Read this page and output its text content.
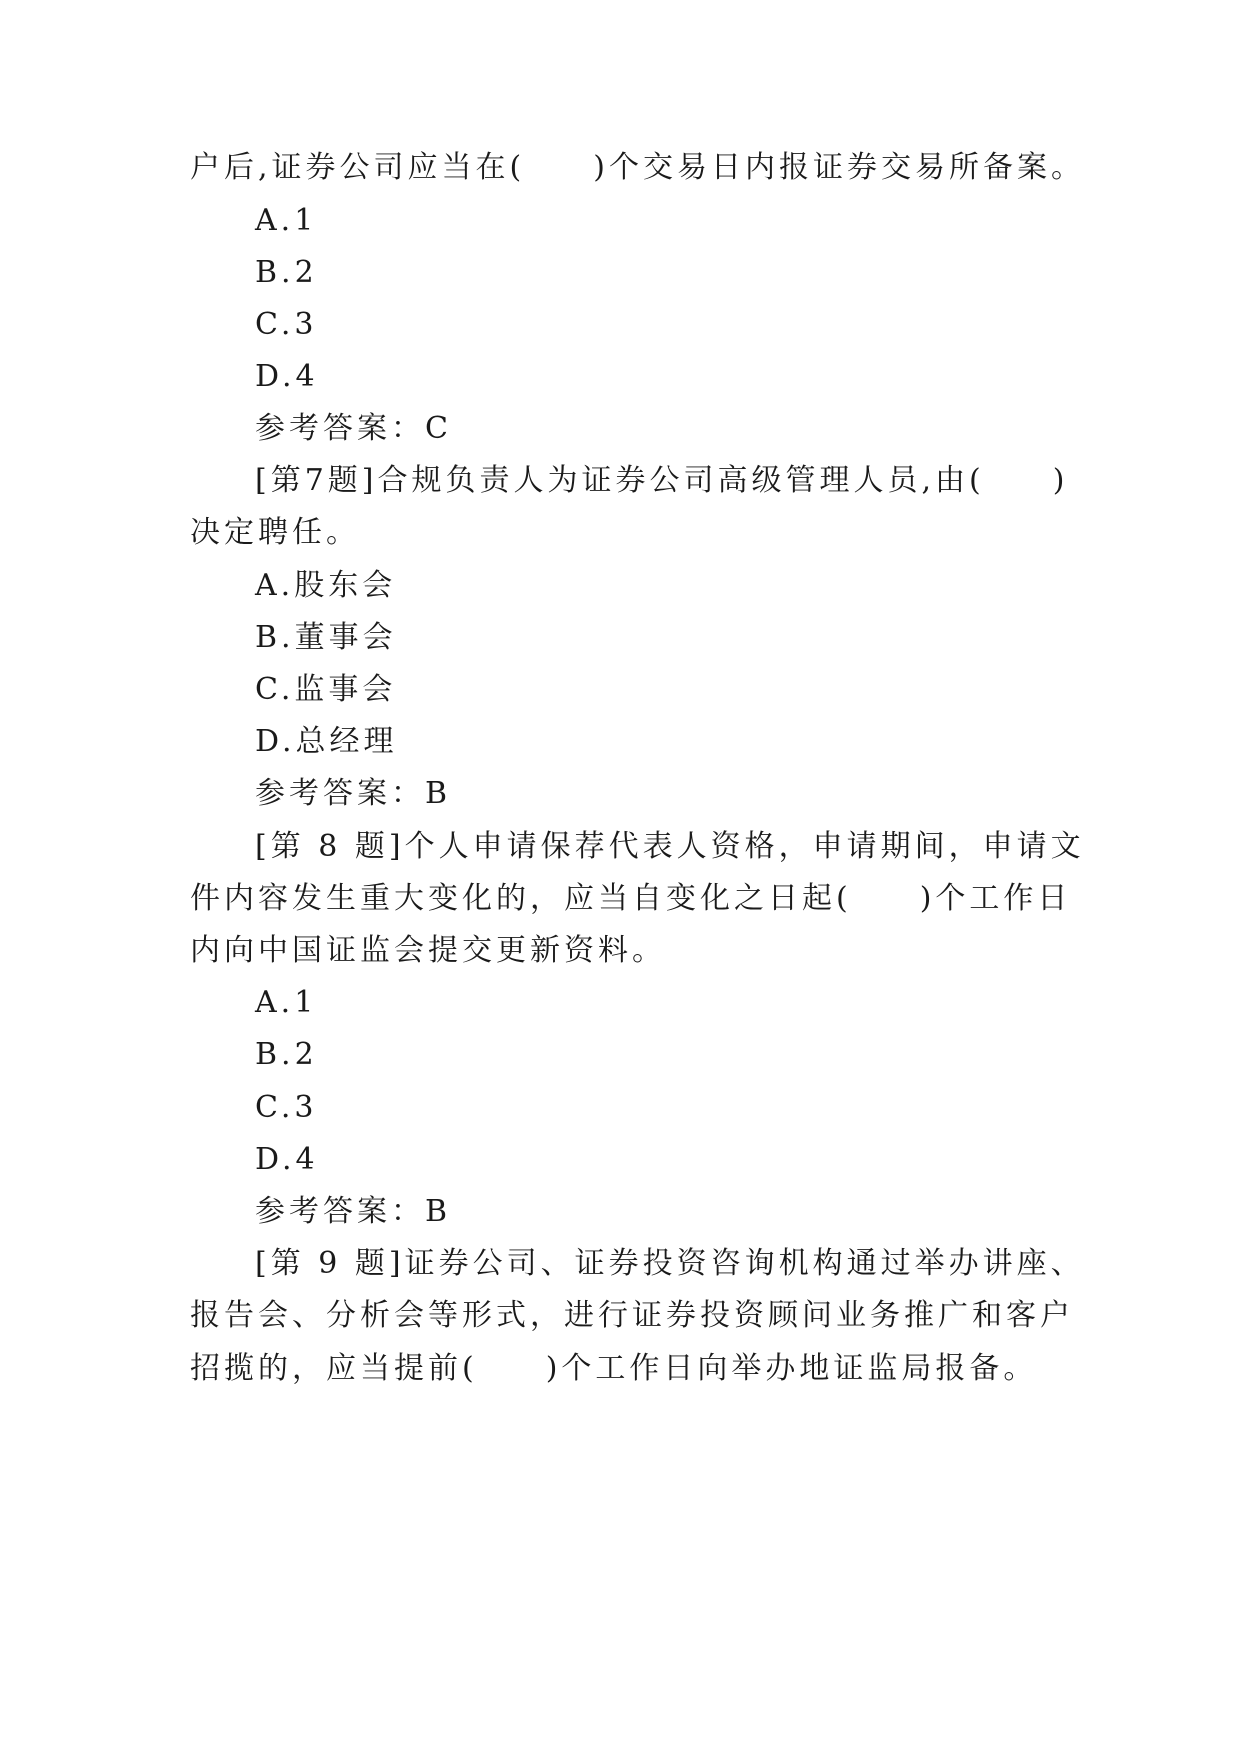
户后,证券公司应当在(　　)个交易日内报证券交易所备案。
A.1
B.2
C.3
D.4
参考答案：C
[第7题]合规负责人为证券公司高级管理人员,由(　　)
决定聘任。
A.股东会
B.董事会
C.监事会
D.总经理
参考答案：B
[第 8 题]个人申请保荐代表人资格，申请期间，申请文
件内容发生重大变化的，应当自变化之日起(　　)个工作日
内向中国证监会提交更新资料。
A.1
B.2
C.3
D.4
参考答案：B
[第 9 题]证券公司、证券投资咨询机构通过举办讲座、
报告会、分析会等形式，进行证券投资顾问业务推广和客户
招揽的，应当提前(　　)个工作日向举办地证监局报备。
